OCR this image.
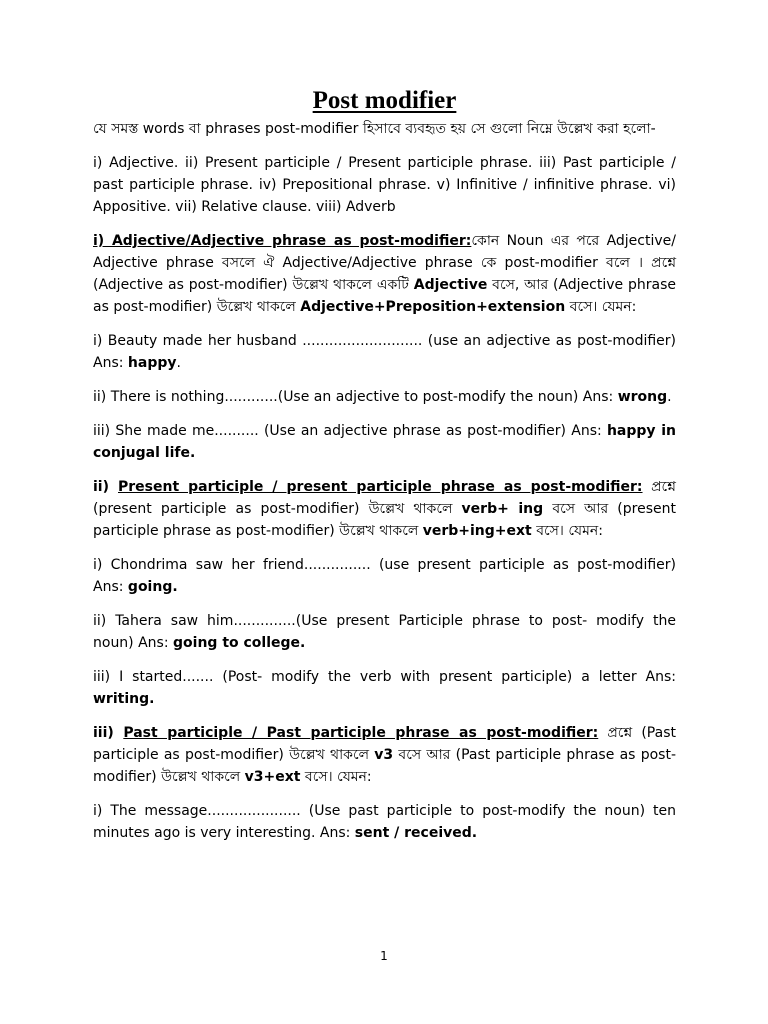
Post modifier

যে সমস্ত words বা phrases post-modifier হিসাবে ব্যবহৃত হয় সে গুলো নিম্নে উল্লেখ করা হলো-

i) Adjective. ii) Present participle / Present participle phrase. iii) Past participle / past participle phrase. iv) Prepositional phrase. v) Infinitive / infinitive phrase. vi) Appositive. vii) Relative clause. viii) Adverb

i) Adjective/Adjective phrase as post-modifier:কোন Noun এর পরে Adjective/ Adjective phrase বসলে ঐ Adjective/Adjective phrase কে post-modifier বলে । প্রশ্নে (Adjective as post-modifier) উল্লেখ থাকলে একটি Adjective বসে, আর (Adjective phrase as post-modifier) উল্লেখ থাকলে Adjective+Preposition+extension বসে। যেমন:

i) Beauty made her husband ........................... (use an adjective as post-modifier) Ans: happy.

ii) There is nothing............(Use an adjective to post-modify the noun) Ans: wrong.

iii) She made me.......... (Use an adjective phrase as post-modifier) Ans: happy in conjugal life.

ii) Present participle / present participle phrase as post-modifier: প্রশ্নে (present participle as post-modifier) উল্লেখ থাকলে verb+ ing বসে আর (present participle phrase as post-modifier) উল্লেখ থাকলে verb+ing+ext বসে। যেমন:

i) Chondrima saw her friend............... (use present participle as post-modifier) Ans: going.

ii) Tahera saw him..............(Use present Participle phrase to post- modify the noun) Ans: going to college.

iii) I started....... (Post- modify the verb with present participle) a letter Ans: writing.

iii) Past participle / Past participle phrase as post-modifier: প্রশ্নে (Past participle as post-modifier) উল্লেখ থাকলে v3 বসে আর (Past participle phrase as post-modifier) উল্লেখ থাকলে v3+ext বসে। যেমন:

i) The message..................... (Use past participle to post-modify the noun) ten minutes ago is very interesting. Ans: sent / received.

1
